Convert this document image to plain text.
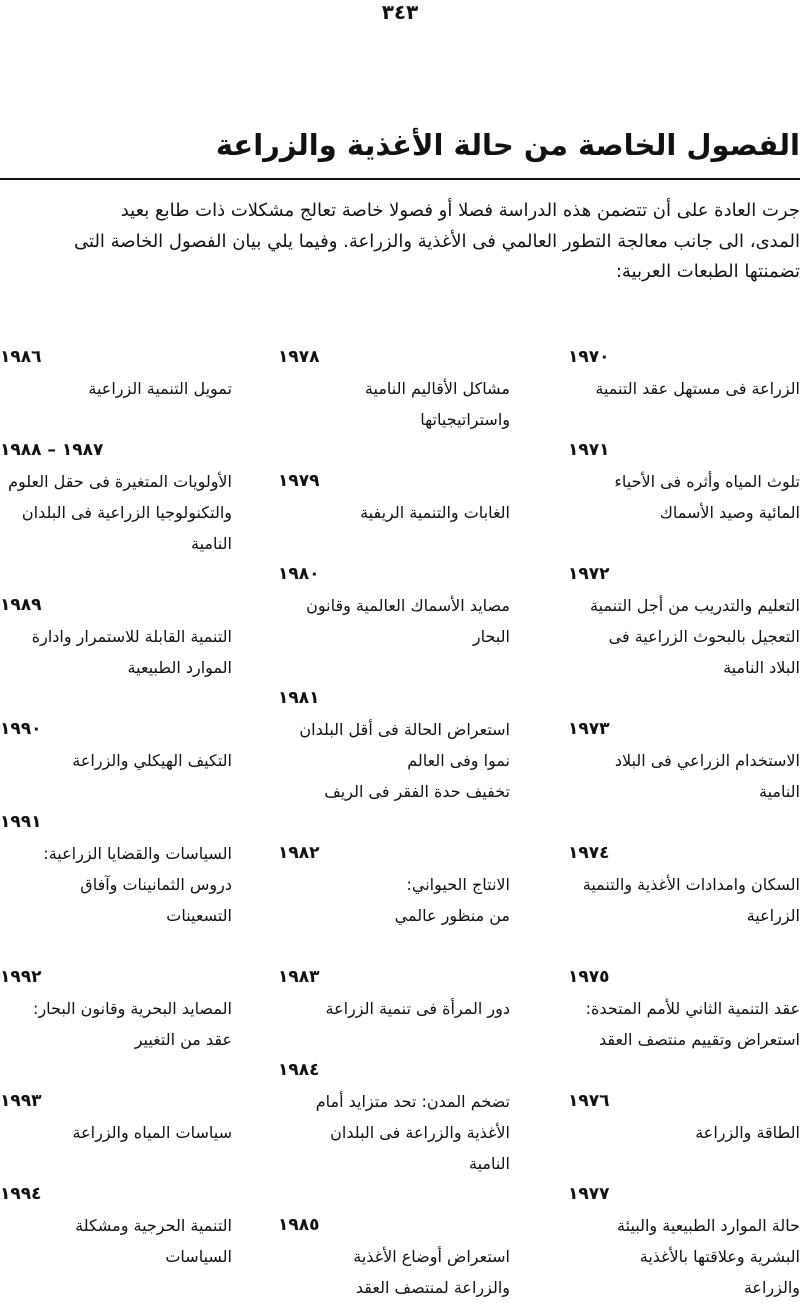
٣٤٣
الفصول الخاصة من حالة الأغذية والزراعة

جرت العادة على أن تتضمن هذه الدراسة فصلا أو فصولا خاصة تعالج مشكلات ذات طابع بعيد
المدى، الى جانب معالجة التطور العالمي فى الأغذية والزراعة. وفيما يلي بيان الفصول الخاصة التى
تضمنتها الطبعات العربية:

١٩٧٠
الزراعة فى مستهل عقد التنمية
١٩٧١
تلوث المياه وأثره فى الأحياء
المائية وصيد الأسماك
١٩٧٢
التعليم والتدريب من أجل التنمية
التعجيل بالبحوث الزراعية فى
البلاد النامية
١٩٧٣
الاستخدام الزراعي فى البلاد
النامية
١٩٧٤
السكان وامدادات الأغذية والتنمية
الزراعية
١٩٧٥
عقد التنمية الثاني للأمم المتحدة:
استعراض وتقييم منتصف العقد
١٩٧٦
الطاقة والزراعة
١٩٧٧
حالة الموارد الطبيعية والبيئة
البشرية وعلاقتها بالأغذية
والزراعة
١٩٧٨
مشاكل الأقاليم النامية
واستراتيجياتها
١٩٧٩
الغابات والتنمية الريفية
١٩٨٠
مصايد الأسماك العالمية وقانون
البحار
١٩٨١
استعراض الحالة فى أقل البلدان
نموا وفى العالم
تخفيف حدة الفقر فى الريف
١٩٨٢
الانتاج الحيواني:
من منظور عالمي
١٩٨٣
دور المرأة فى تنمية الزراعة
١٩٨٤
تضخم المدن: تحد متزايد أمام
الأغذية والزراعة فى البلدان
النامية
١٩٨٥
استعراض أوضاع الأغذية
والزراعة لمنتصف العقد
١٩٨٦
تمويل التنمية الزراعية
١٩٨٧ – ١٩٨٨
الأولويات المتغيرة فى حقل العلوم
والتكنولوجيا الزراعية فى البلدان
النامية
١٩٨٩
التنمية القابلة للاستمرار وادارة
الموارد الطبيعية
١٩٩٠
التكيف الهيكلي والزراعة
١٩٩١
السياسات والقضايا الزراعية:
دروس الثمانينات وآفاق
التسعينات
١٩٩٢
المصايد البحرية وقانون البحار:
عقد من التغيير
١٩٩٣
سياسات المياه والزراعة
١٩٩٤
التنمية الحرجية ومشكلة
السياسات
